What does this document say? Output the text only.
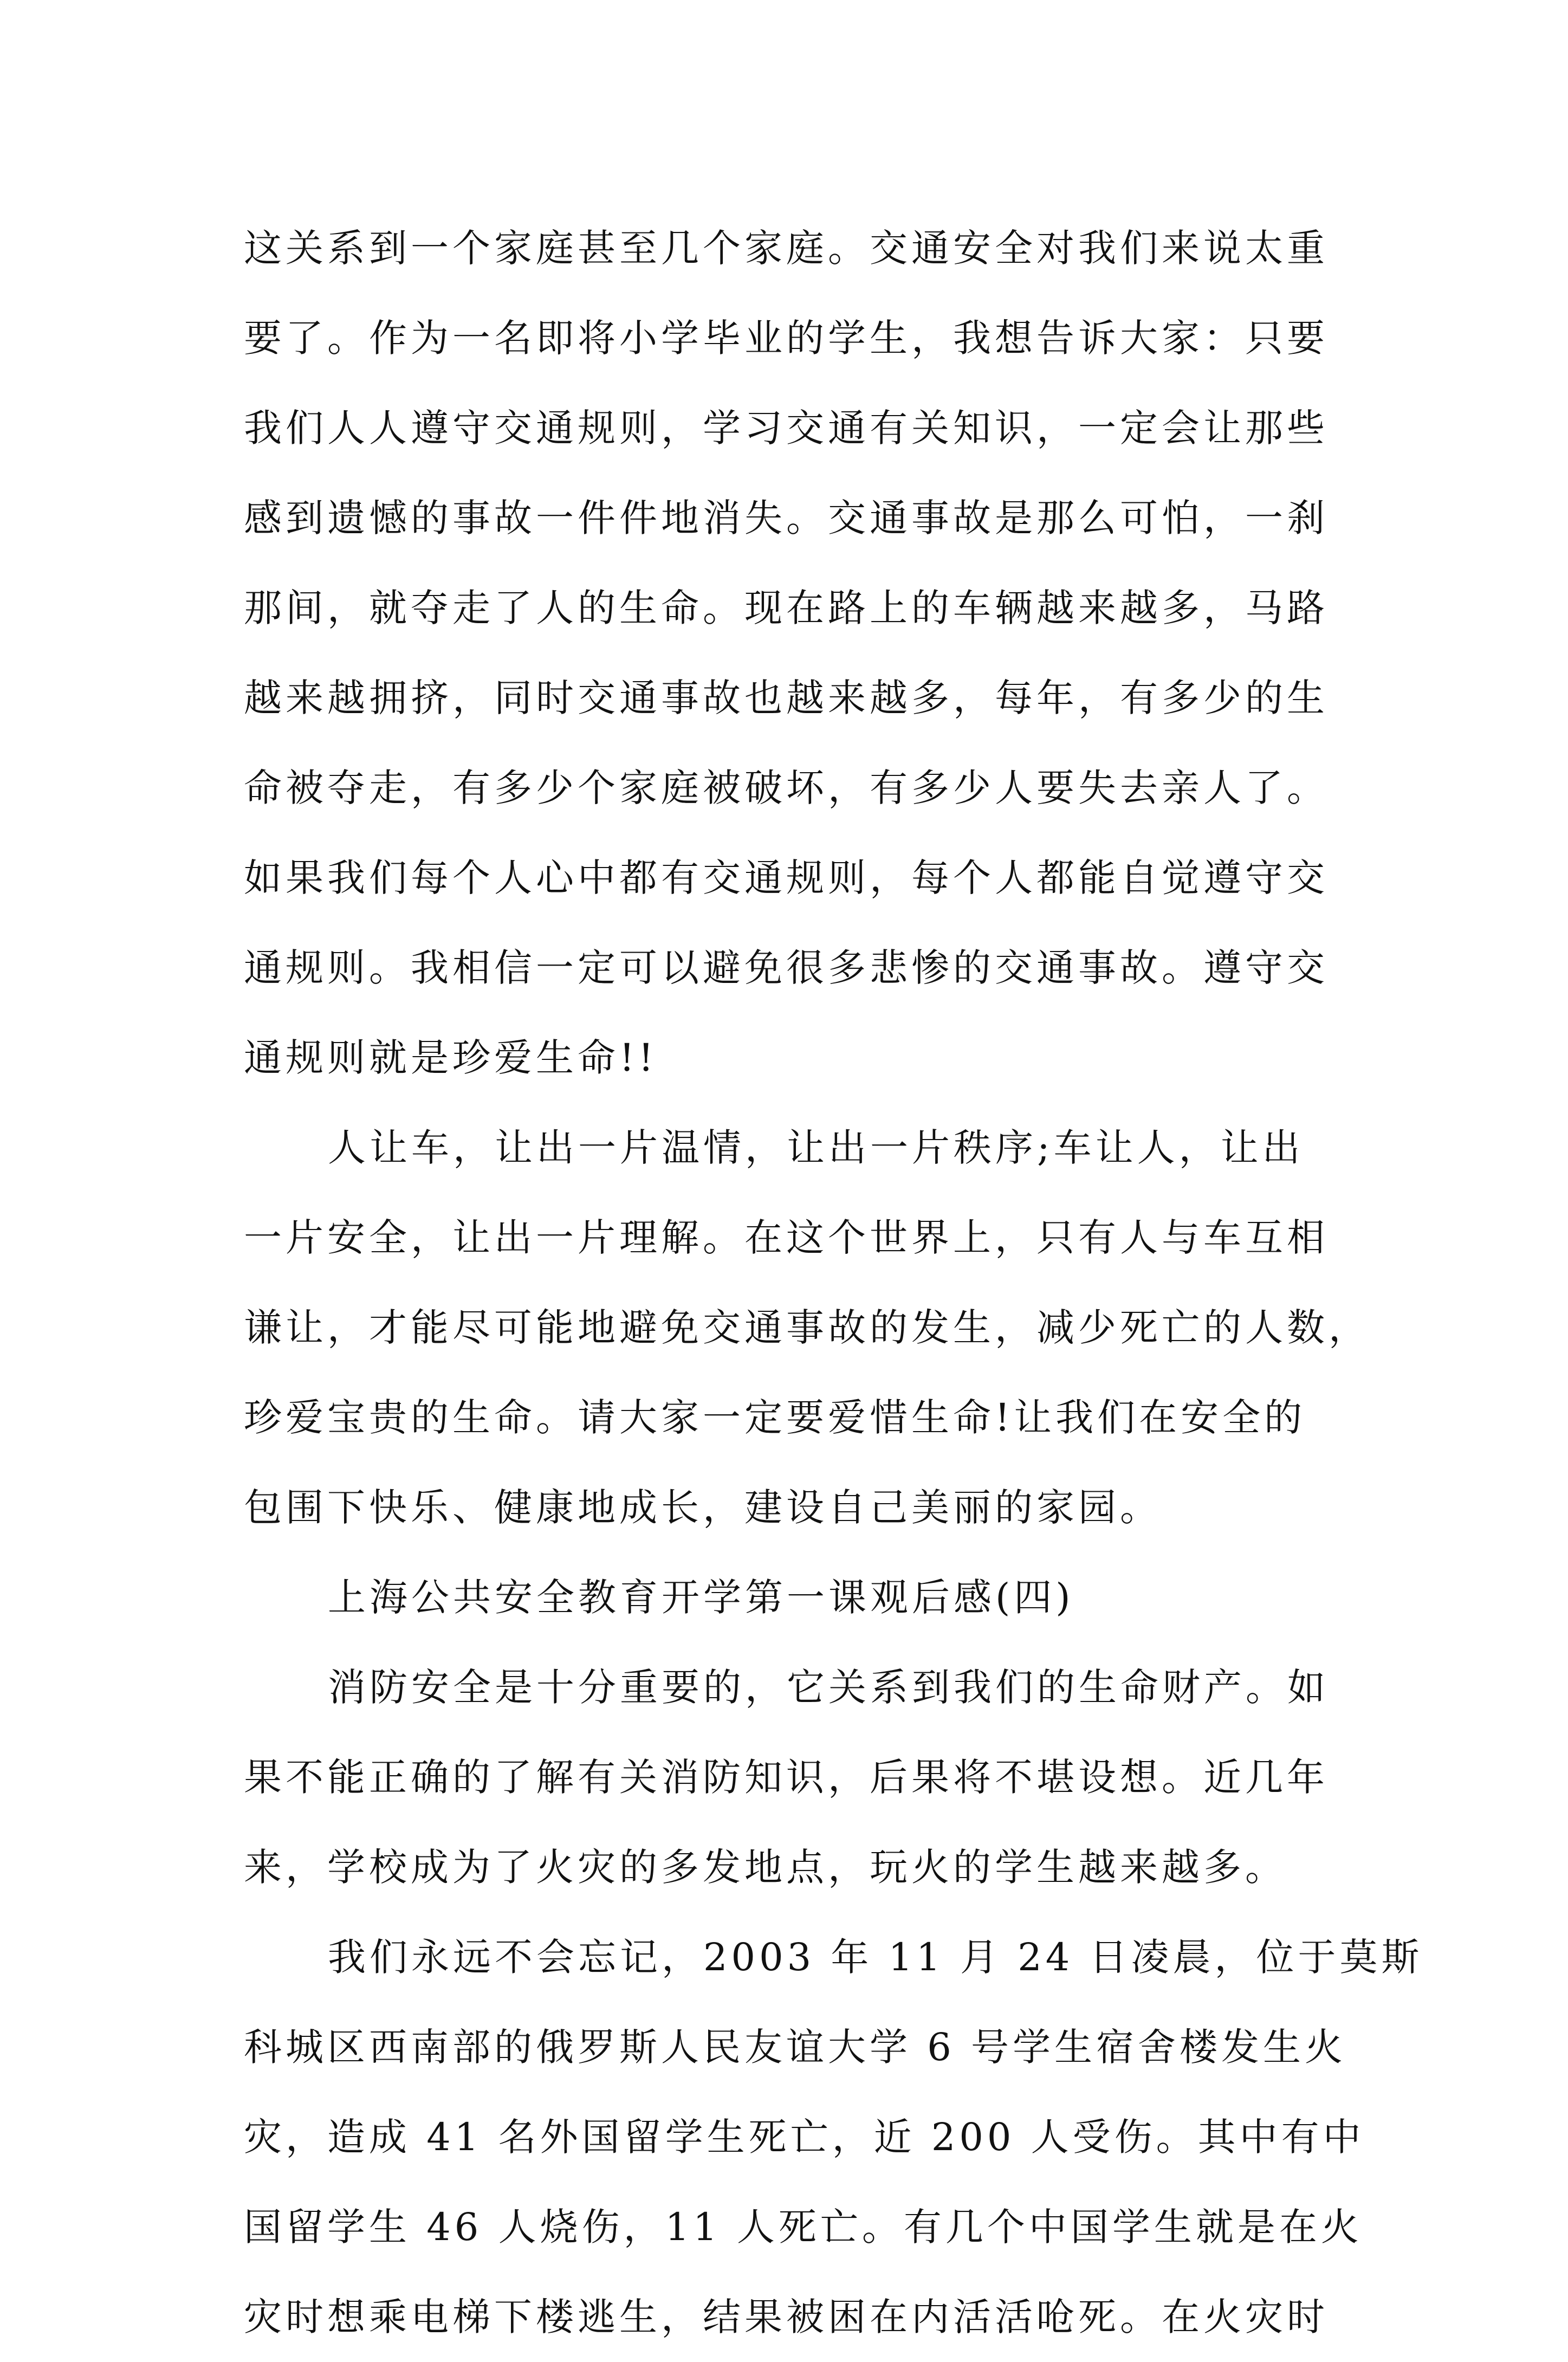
这关系到一个家庭甚至几个家庭。交通安全对我们来说太重
要了。作为一名即将小学毕业的学生，我想告诉大家：只要
我们人人遵守交通规则，学习交通有关知识，一定会让那些
感到遗憾的事故一件件地消失。交通事故是那么可怕，一刹
那间，就夺走了人的生命。现在路上的车辆越来越多，马路
越来越拥挤，同时交通事故也越来越多，每年，有多少的生
命被夺走，有多少个家庭被破坏，有多少人要失去亲人了。
如果我们每个人心中都有交通规则，每个人都能自觉遵守交
通规则。我相信一定可以避免很多悲惨的交通事故。遵守交
通规则就是珍爱生命!!
人让车，让出一片温情，让出一片秩序;车让人，让出
一片安全，让出一片理解。在这个世界上，只有人与车互相
谦让，才能尽可能地避免交通事故的发生，减少死亡的人数，
珍爱宝贵的生命。请大家一定要爱惜生命!让我们在安全的
包围下快乐、健康地成长，建设自己美丽的家园。
上海公共安全教育开学第一课观后感(四)
消防安全是十分重要的，它关系到我们的生命财产。如
果不能正确的了解有关消防知识，后果将不堪设想。近几年
来，学校成为了火灾的多发地点，玩火的学生越来越多。
我们永远不会忘记，2003 年 11 月 24 日凌晨，位于莫斯
科城区西南部的俄罗斯人民友谊大学 6 号学生宿舍楼发生火
灾，造成 41 名外国留学生死亡，近 200 人受伤。其中有中
国留学生 46 人烧伤，11 人死亡。有几个中国学生就是在火
灾时想乘电梯下楼逃生，结果被困在内活活呛死。在火灾时
